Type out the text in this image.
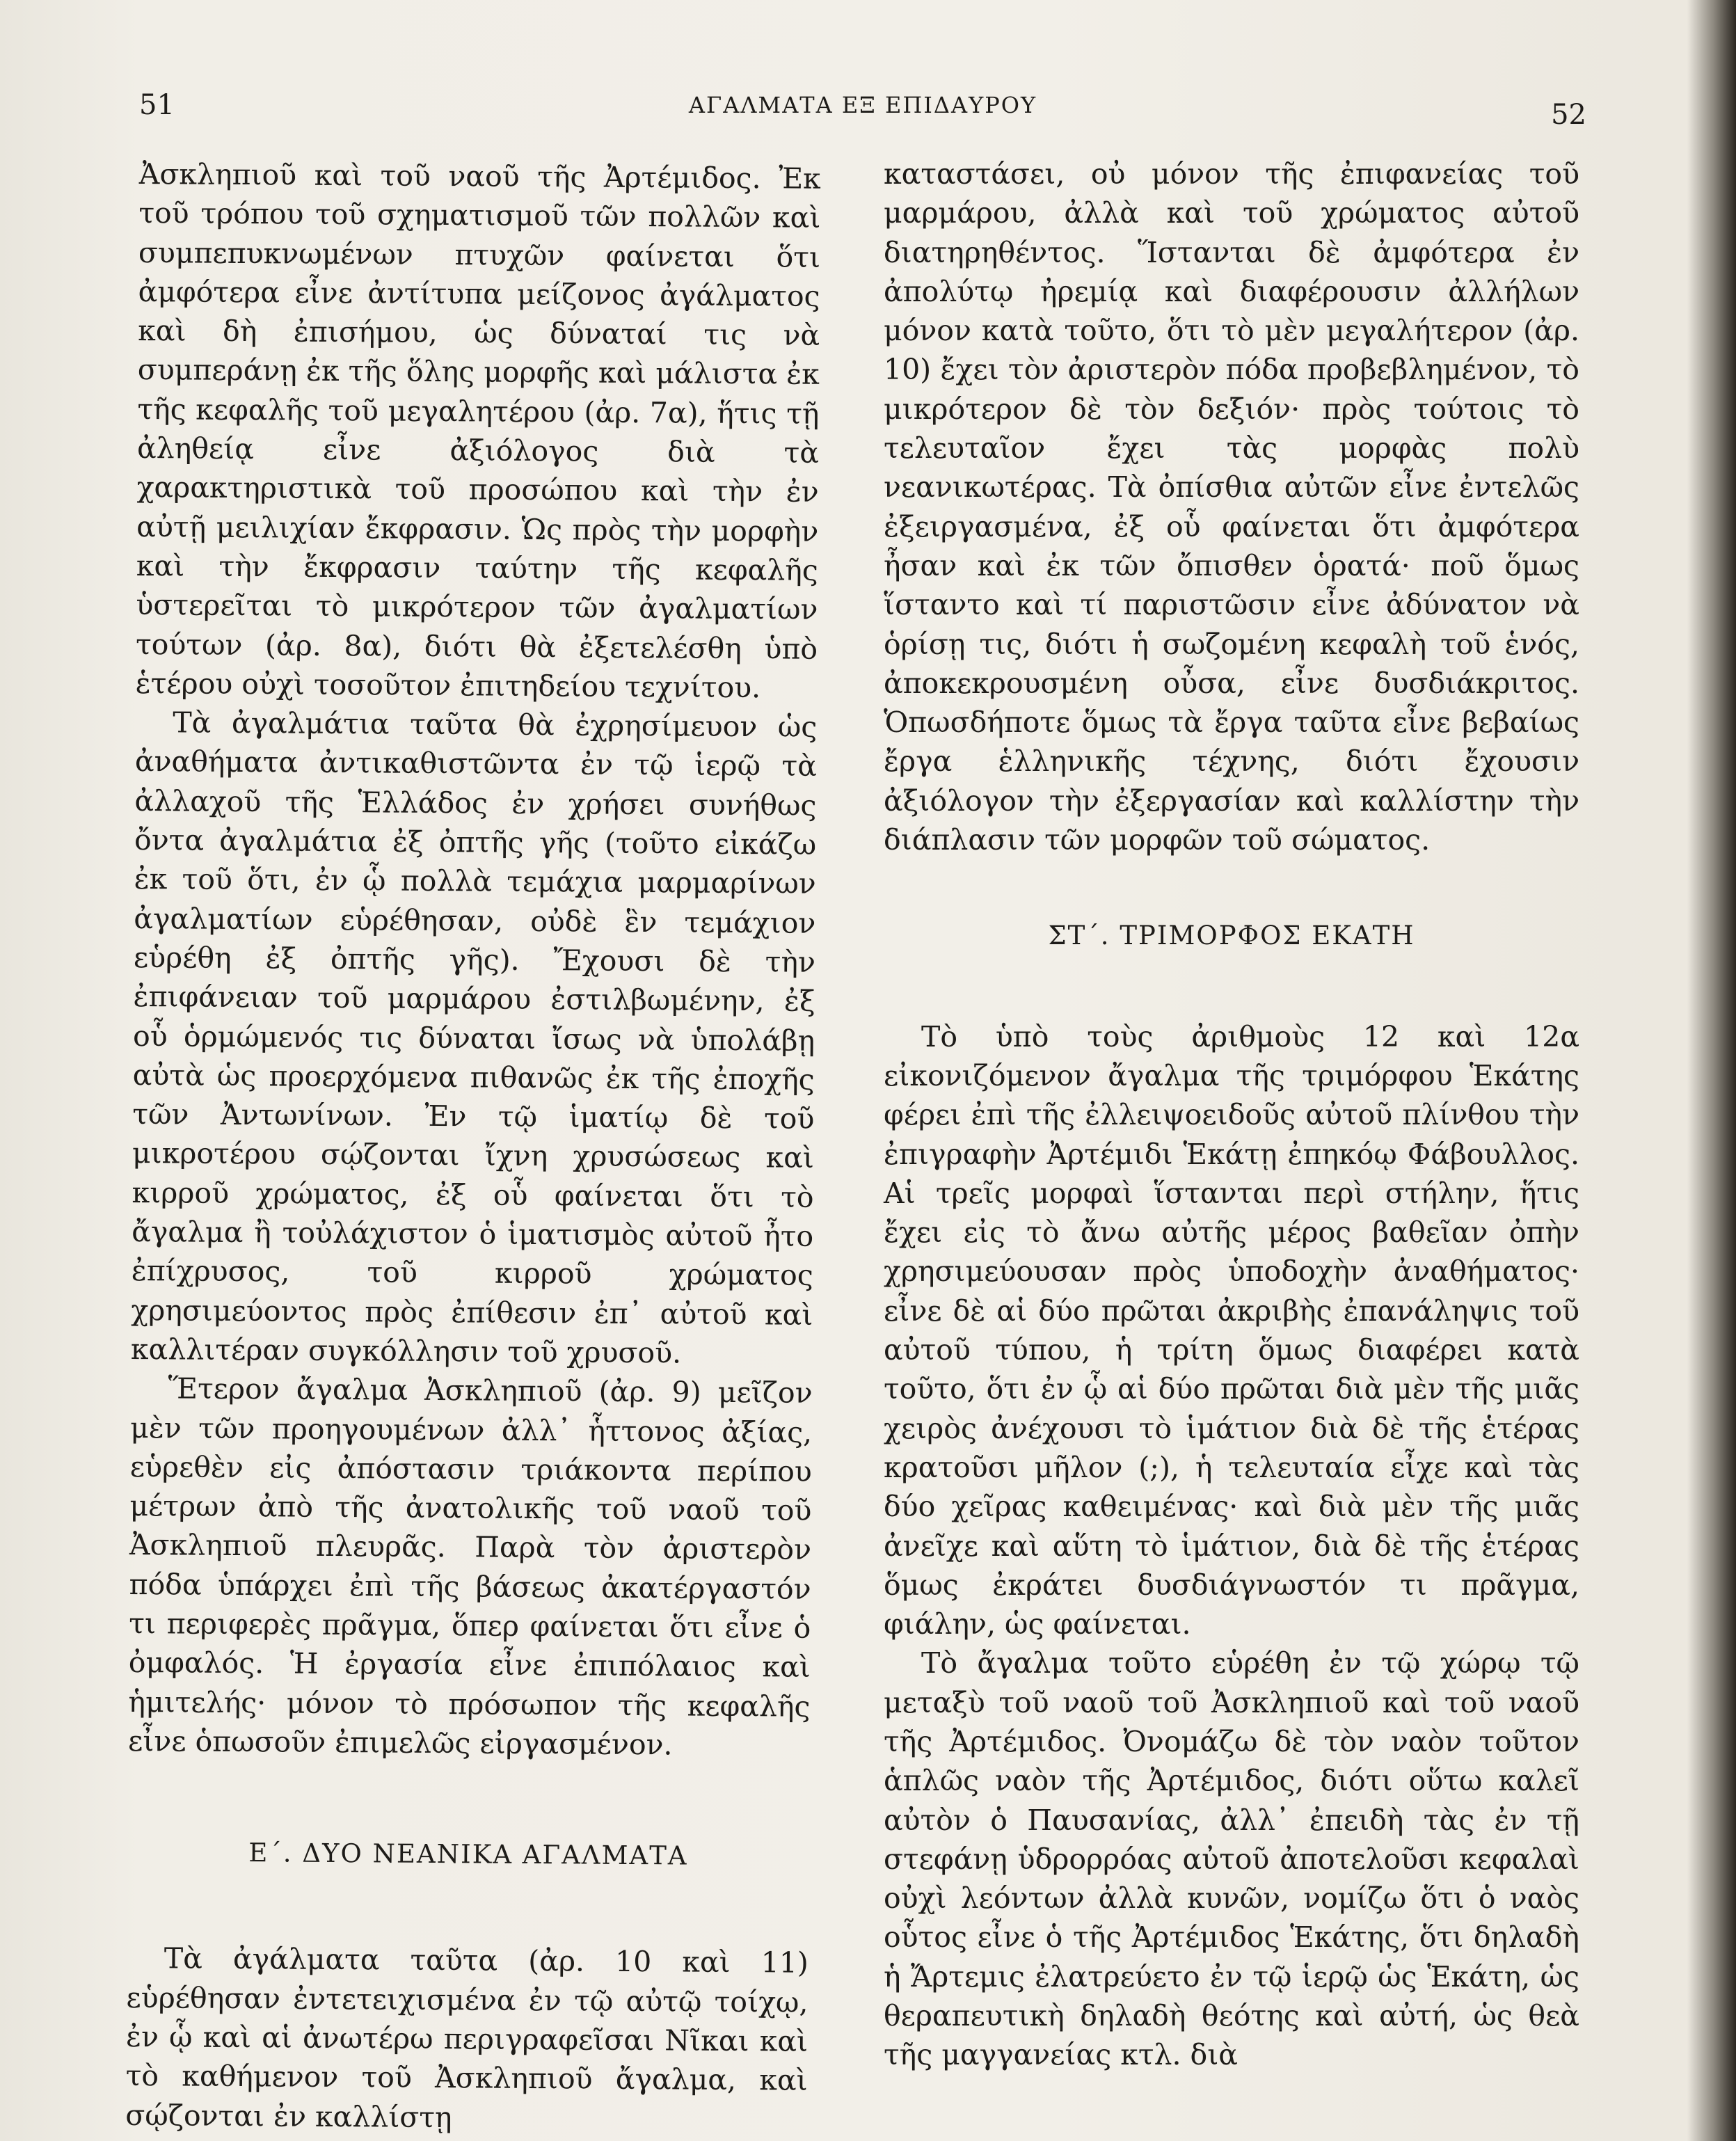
51	ΑΓΑΛΜΑΤΑ ΕΞ ΕΠΙΔΑΥΡΟΥ	52

Ἀσκληπιοῦ καὶ τοῦ ναοῦ τῆς Ἀρτέμιδος. Ἐκ τοῦ τρόπου τοῦ σχηματισμοῦ τῶν πολλῶν καὶ συμπεπυκνωμένων πτυχῶν φαίνεται ὅτι ἀμφότερα εἶνε ἀντίτυπα μείζονος ἀγάλματος καὶ δὴ ἐπισήμου, ὡς δύναταί τις νὰ συμπεράνῃ ἐκ τῆς ὅλης μορφῆς καὶ μάλιστα ἐκ τῆς κεφαλῆς τοῦ μεγαλητέρου (ἀρ. 7α), ἥτις τῇ ἀληθείᾳ εἶνε ἀξιόλογος διὰ τὰ χαρακτηριστικὰ τοῦ προσώπου καὶ τὴν ἐν αὐτῇ μειλιχίαν ἔκφρασιν. Ὡς πρὸς τὴν μορφὴν καὶ τὴν ἔκφρασιν ταύτην τῆς κεφαλῆς ὑστερεῖται τὸ μικρότερον τῶν ἀγαλματίων τούτων (ἀρ. 8α), διότι θὰ ἐξετελέσθη ὑπὸ ἑτέρου οὐχὶ τοσοῦτον ἐπιτηδείου τεχνίτου.

Τὰ ἀγαλμάτια ταῦτα θὰ ἐχρησίμευον ὡς ἀναθήματα ἀντικαθιστῶντα ἐν τῷ ἱερῷ τὰ ἀλλαχοῦ τῆς Ἑλλάδος ἐν χρήσει συνήθως ὄντα ἀγαλμάτια ἐξ ὀπτῆς γῆς (τοῦτο εἰκάζω ἐκ τοῦ ὅτι, ἐν ᾧ πολλὰ τεμάχια μαρμαρίνων ἀγαλματίων εὑρέθησαν, οὐδὲ ἓν τεμάχιον εὑρέθη ἐξ ὀπτῆς γῆς). Ἔχουσι δὲ τὴν ἐπιφάνειαν τοῦ μαρμάρου ἐστιλβωμένην, ἐξ οὗ ὁρμώμενός τις δύναται ἴσως νὰ ὑπολάβῃ αὐτὰ ὡς προερχόμενα πιθανῶς ἐκ τῆς ἐποχῆς τῶν Ἀντωνίνων. Ἐν τῷ ἱματίῳ δὲ τοῦ μικροτέρου σῴζονται ἴχνη χρυσώσεως καὶ κιρροῦ χρώματος, ἐξ οὗ φαίνεται ὅτι τὸ ἄγαλμα ἢ τοὐλάχιστον ὁ ἱματισμὸς αὐτοῦ ἦτο ἐπίχρυσος, τοῦ κιρροῦ χρώματος χρησιμεύοντος πρὸς ἐπίθεσιν ἐπ᾽ αὐτοῦ καὶ καλλιτέραν συγκόλλησιν τοῦ χρυσοῦ.

Ἕτερον ἄγαλμα Ἀσκληπιοῦ (ἀρ. 9) μεῖζον μὲν τῶν προηγουμένων ἀλλ᾽ ἧττονος ἀξίας, εὑρεθὲν εἰς ἀπόστασιν τριάκοντα περίπου μέτρων ἀπὸ τῆς ἀνατολικῆς τοῦ ναοῦ τοῦ Ἀσκληπιοῦ πλευρᾶς. Παρὰ τὸν ἀριστερὸν πόδα ὑπάρχει ἐπὶ τῆς βάσεως ἀκατέργαστόν τι περιφερὲς πρᾶγμα, ὅπερ φαίνεται ὅτι εἶνε ὁ ὀμφαλός. Ἡ ἐργασία εἶνε ἐπιπόλαιος καὶ ἡμιτελής· μόνον τὸ πρόσωπον τῆς κεφαλῆς εἶνε ὁπωσοῦν ἐπιμελῶς εἰργασμένον.

Ε΄. ΔΥΟ ΝΕΑΝΙΚΑ ΑΓΑΛΜΑΤΑ

Τὰ ἀγάλματα ταῦτα (ἀρ. 10 καὶ 11) εὑρέθησαν ἐντετειχισμένα ἐν τῷ αὐτῷ τοίχῳ, ἐν ᾧ καὶ αἱ ἀνωτέρω περιγραφεῖσαι Νῖκαι καὶ τὸ καθήμενον τοῦ Ἀσκληπιοῦ ἄγαλμα, καὶ σῴζονται ἐν καλλίστῃ

καταστάσει, οὐ μόνον τῆς ἐπιφανείας τοῦ μαρμάρου, ἀλλὰ καὶ τοῦ χρώματος αὐτοῦ διατηρηθέντος. Ἵστανται δὲ ἀμφότερα ἐν ἀπολύτῳ ἠρεμίᾳ καὶ διαφέρουσιν ἀλλήλων μόνον κατὰ τοῦτο, ὅτι τὸ μὲν μεγαλήτερον (ἀρ. 10) ἔχει τὸν ἀριστερὸν πόδα προβεβλημένον, τὸ μικρότερον δὲ τὸν δεξιόν· πρὸς τούτοις τὸ τελευταῖον ἔχει τὰς μορφὰς πολὺ νεανικωτέρας. Τὰ ὀπίσθια αὐτῶν εἶνε ἐντελῶς ἐξειργασμένα, ἐξ οὗ φαίνεται ὅτι ἀμφότερα ἦσαν καὶ ἐκ τῶν ὄπισθεν ὁρατά· ποῦ ὅμως ἵσταντο καὶ τί παριστῶσιν εἶνε ἀδύνατον νὰ ὁρίσῃ τις, διότι ἡ σωζομένη κεφαλὴ τοῦ ἑνός, ἀποκεκρουσμένη οὖσα, εἶνε δυσδιάκριτος. Ὁπωσδήποτε ὅμως τὰ ἔργα ταῦτα εἶνε βεβαίως ἔργα ἑλληνικῆς τέχνης, διότι ἔχουσιν ἀξιόλογον τὴν ἐξεργασίαν καὶ καλλίστην τὴν διάπλασιν τῶν μορφῶν τοῦ σώματος.

ΣΤ΄. ΤΡΙΜΟΡΦΟΣ ΕΚΑΤΗ

Τὸ ὑπὸ τοὺς ἀριθμοὺς 12 καὶ 12α εἰκονιζόμενον ἄγαλμα τῆς τριμόρφου Ἑκάτης φέρει ἐπὶ τῆς ἐλλειψοειδοῦς αὐτοῦ πλίνθου τὴν ἐπιγραφὴν Ἀρτέμιδι Ἑκάτῃ ἐπηκόῳ Φάβουλλος. Αἱ τρεῖς μορφαὶ ἵστανται περὶ στήλην, ἥτις ἔχει εἰς τὸ ἄνω αὐτῆς μέρος βαθεῖαν ὀπὴν χρησιμεύουσαν πρὸς ὑποδοχὴν ἀναθήματος· εἶνε δὲ αἱ δύο πρῶται ἀκριβὴς ἐπανάληψις τοῦ αὐτοῦ τύπου, ἡ τρίτη ὅμως διαφέρει κατὰ τοῦτο, ὅτι ἐν ᾧ αἱ δύο πρῶται διὰ μὲν τῆς μιᾶς χειρὸς ἀνέχουσι τὸ ἱμάτιον διὰ δὲ τῆς ἑτέρας κρατοῦσι μῆλον (;), ἡ τελευταία εἶχε καὶ τὰς δύο χεῖρας καθειμένας· καὶ διὰ μὲν τῆς μιᾶς ἀνεῖχε καὶ αὕτη τὸ ἱμάτιον, διὰ δὲ τῆς ἑτέρας ὅμως ἐκράτει δυσδιάγνωστόν τι πρᾶγμα, φιάλην, ὡς φαίνεται.

Τὸ ἄγαλμα τοῦτο εὑρέθη ἐν τῷ χώρῳ τῷ μεταξὺ τοῦ ναοῦ τοῦ Ἀσκληπιοῦ καὶ τοῦ ναοῦ τῆς Ἀρτέμιδος. Ὀνομάζω δὲ τὸν ναὸν τοῦτον ἁπλῶς ναὸν τῆς Ἀρτέμιδος, διότι οὕτω καλεῖ αὐτὸν ὁ Παυσανίας, ἀλλ᾽ ἐπειδὴ τὰς ἐν τῇ στεφάνῃ ὑδρορρόας αὐτοῦ ἀποτελοῦσι κεφαλαὶ οὐχὶ λεόντων ἀλλὰ κυνῶν, νομίζω ὅτι ὁ ναὸς οὗτος εἶνε ὁ τῆς Ἀρτέμιδος Ἑκάτης, ὅτι δηλαδὴ ἡ Ἄρτεμις ἐλατρεύετο ἐν τῷ ἱερῷ ὡς Ἑκάτη, ὡς θεραπευτικὴ δηλαδὴ θεότης καὶ αὐτή, ὡς θεὰ τῆς μαγγανείας κτλ. διὰ
